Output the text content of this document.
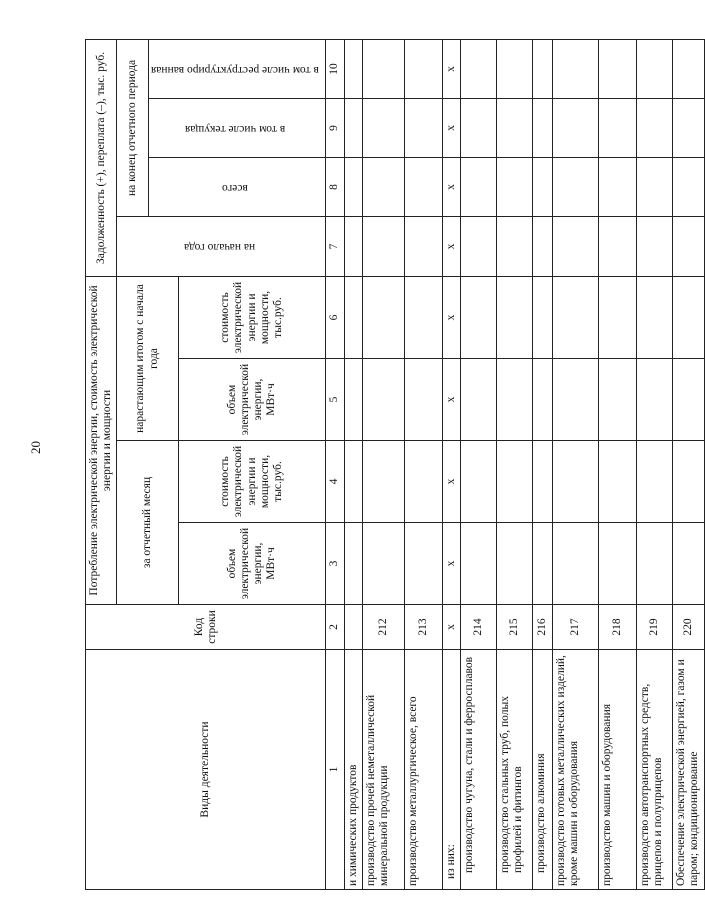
20
Виды деятельности	Код строки	Потребление электрической энергии, стоимость электрической энергии и мощности				Задолженность (+), переплата (–), тыс. руб.			
		за отчетный месяц		нарастающим итогом с начала года		на начало года	на конец отчетного периода		
							всего	в том числе текущая	в том числе реструктуриро ванная
		объем электрической энергии, МВт·ч	стоимость электрической энергии и мощности, тыс.руб.	объем электрической энергии, МВт·ч	стоимость электрической энергии и мощности, тыс.руб.				
1	2	3	4	5	6	7	8	9	10
и химических продуктов									
производство прочей неметаллической минеральной продукции	212								
производство металлургическое, всего	213								
из них:	х	х	х	х	х	х	х	х	х
производство чугуна, стали и ферросплавов	214								
производство стальных труб, полых профилей и фитингов	215								
производство алюминия	216								
производство готовых металлических изделий, кроме машин и оборудования	217								
производство машин и оборудования	218								
производство автотранспортных средств, прицепов и полуприцепов	219								
Обеспечение электрической энергией, газом и паром; кондиционирование	220								
